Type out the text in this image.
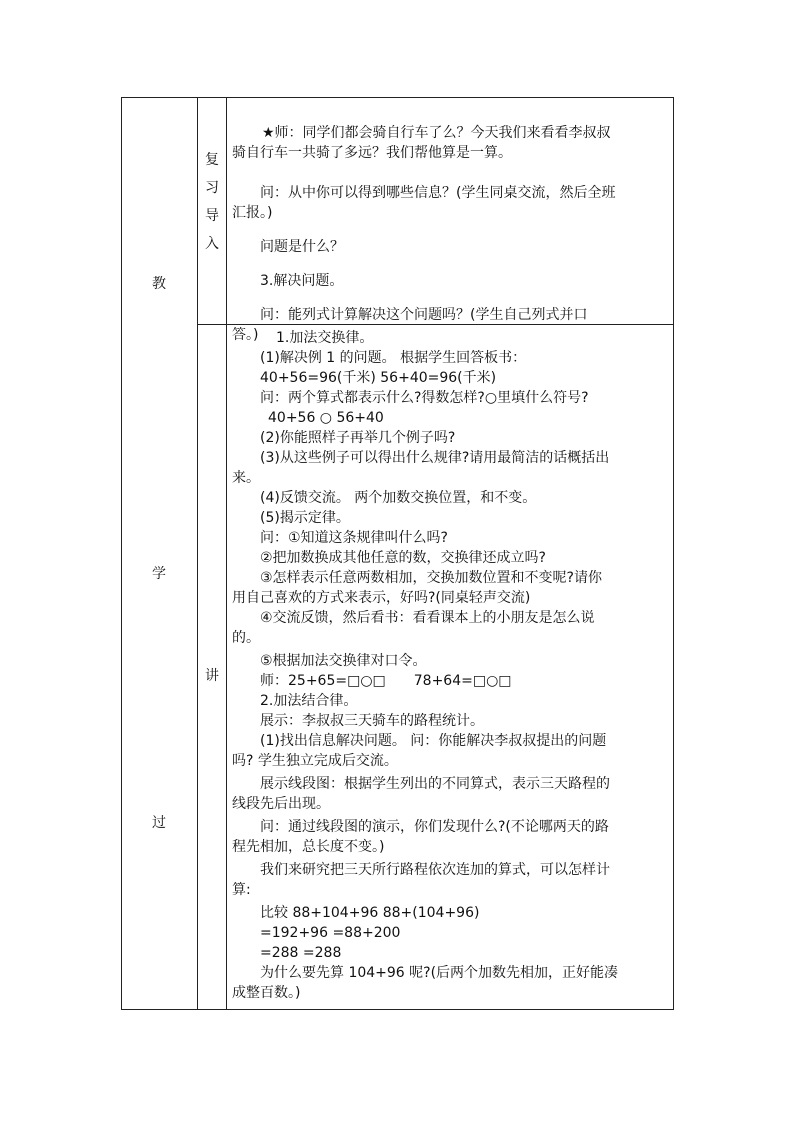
教
学
过
复
习
导
入
讲

★师：同学们都会骑自行车了么？今天我们来看看李叔叔

骑自行车一共骑了多远？我们帮他算是一算。

问：从中你可以得到哪些信息？(学生同桌交流，然后全班

汇报。)

问题是什么？

3.解决问题。

问：能列式计算解决这个问题吗？(学生自己列式并口

答。)	1.加法交换律。

(1)解决例 1 的问题。 根据学生回答板书：

40+56=96(千米) 56+40=96(千米)

问：两个算式都表示什么?得数怎样?○里填什么符号?

40+56 ○ 56+40

(2)你能照样子再举几个例子吗?

(3)从这些例子可以得出什么规律?请用最简洁的话概括出

来。

(4)反馈交流。 两个加数交换位置，和不变。

(5)揭示定律。

问：①知道这条规律叫什么吗?

②把加数换成其他任意的数，交换律还成立吗?

③怎样表示任意两数相加，交换加数位置和不变呢?请你

用自己喜欢的方式来表示，好吗?(同桌轻声交流)

④交流反馈，然后看书：看看课本上的小朋友是怎么说

的。

⑤根据加法交换律对口令。

师：25+65=□○□　　78+64=□○□

2.加法结合律。

展示：李叔叔三天骑车的路程统计。

(1)找出信息解决问题。 问：你能解决李叔叔提出的问题

吗? 学生独立完成后交流。

展示线段图：根据学生列出的不同算式，表示三天路程的

线段先后出现。

问：通过线段图的演示，你们发现什么?(不论哪两天的路

程先相加，总长度不变。)

我们来研究把三天所行路程依次连加的算式，可以怎样计

算:

比较 88+104+96 88+(104+96)

=192+96 =88+200

=288 =288

为什么要先算 104+96 呢?(后两个加数先相加，正好能凑

成整百数。)
